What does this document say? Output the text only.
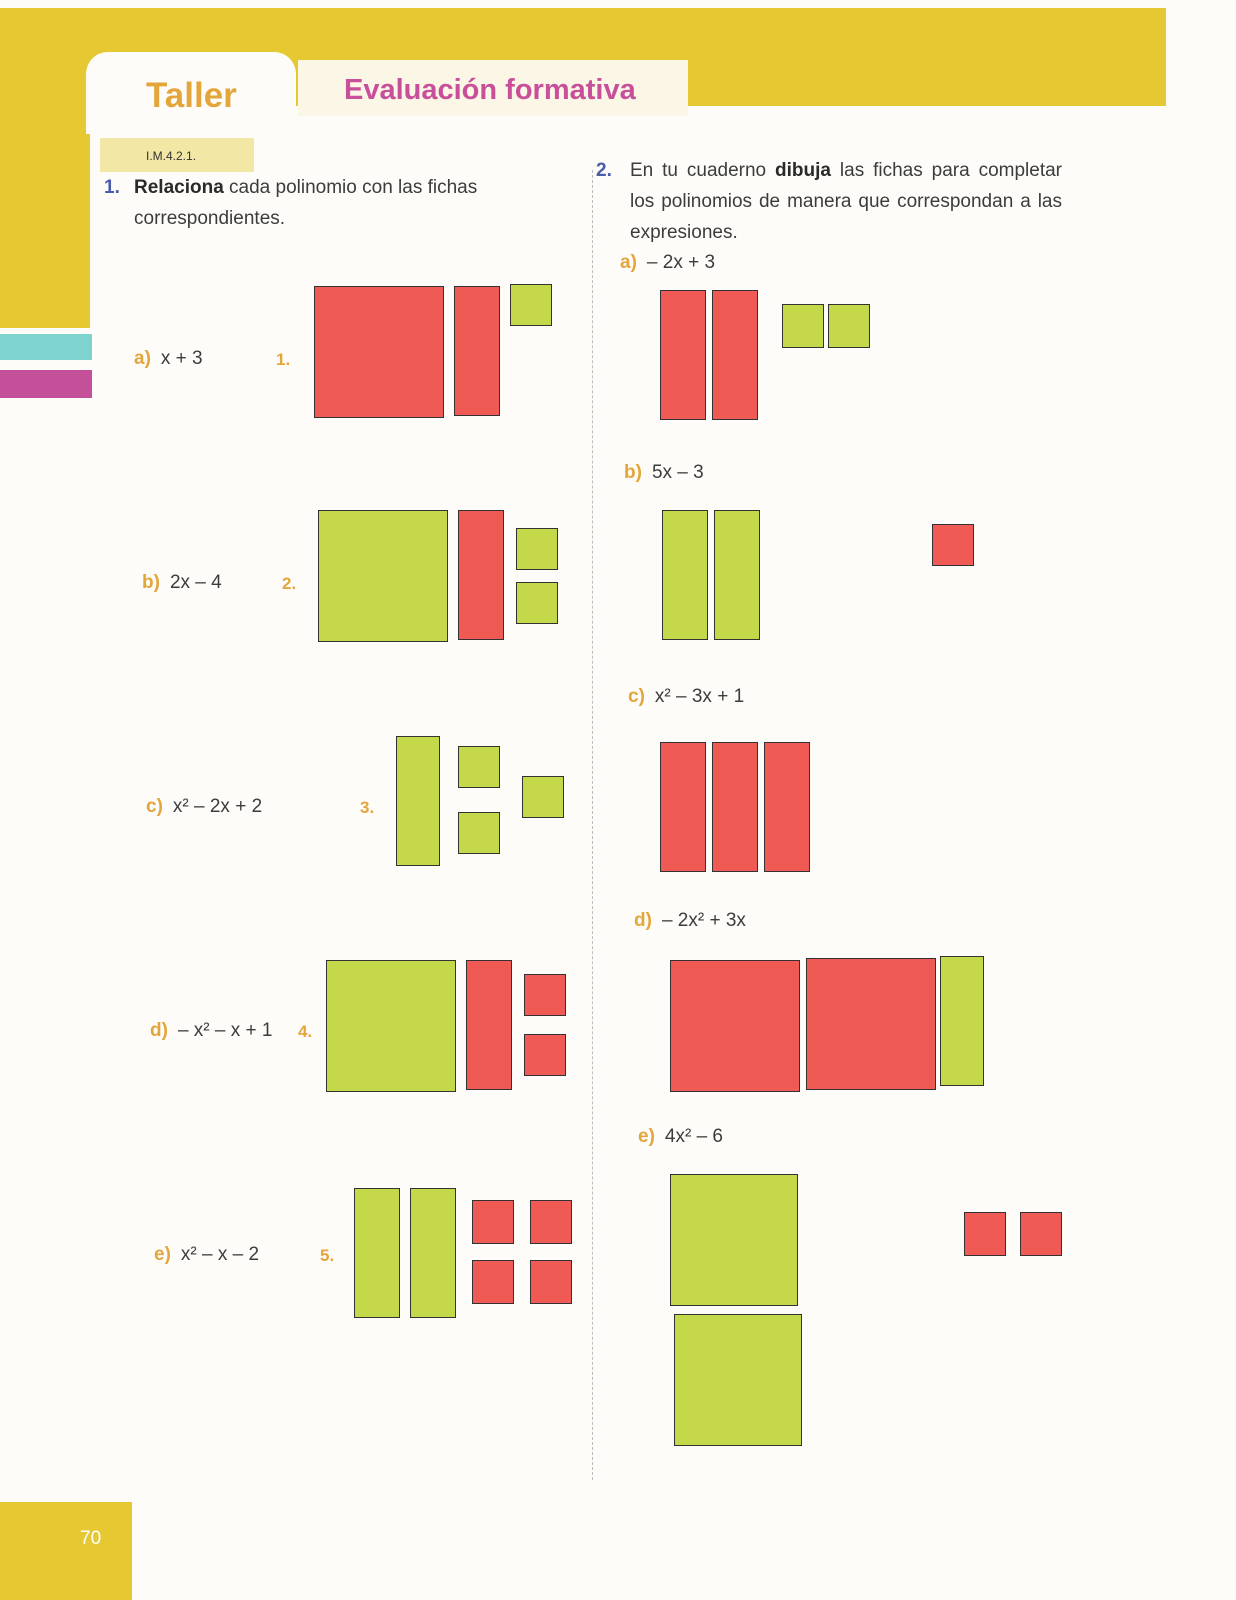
Taller	Evaluación formativa
I.M.4.2.1.
1. Relaciona cada polinomio con las fichas correspondientes.
a) x + 3
b) 2x – 4
c) x² – 2x + 2
d) – x² – x + 1
e) x² – x – 2
1.
2.
3.
4.
5.
2. En tu cuaderno dibuja las fichas para completar los polinomios de manera que correspondan a las expresiones.
a) – 2x + 3
b) 5x – 3
c) x² – 3x + 1
d) – 2x² + 3x
e) 4x² – 6
70
